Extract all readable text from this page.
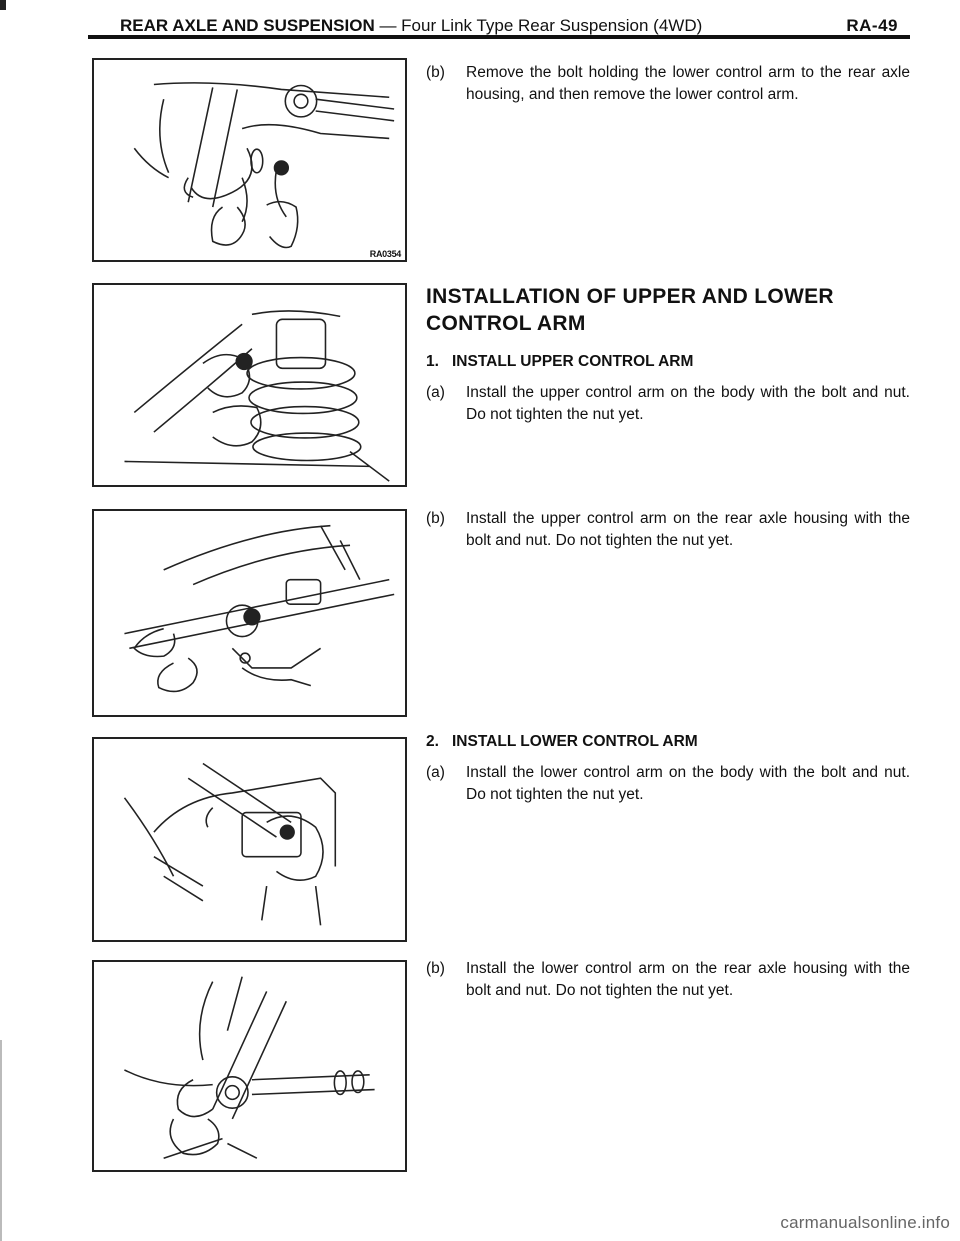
REAR AXLE AND SUSPENSION — Four Link Type Rear Suspension (4WD)	RA-49
RA0354
(b) Remove the bolt holding the lower control arm to the rear axle housing, and then remove the lower control arm.
INSTALLATION OF UPPER AND LOWER CONTROL ARM
1. INSTALL UPPER CONTROL ARM
(a) Install the upper control arm on the body with the bolt and nut. Do not tighten the nut yet.
(b) Install the upper control arm on the rear axle housing with the bolt and nut. Do not tighten the nut yet.
2. INSTALL LOWER CONTROL ARM
(a) Install the lower control arm on the body with the bolt and nut. Do not tighten the nut yet.
(b) Install the lower control arm on the rear axle housing with the bolt and nut. Do not tighten the nut yet.
carmanualsonline.info
